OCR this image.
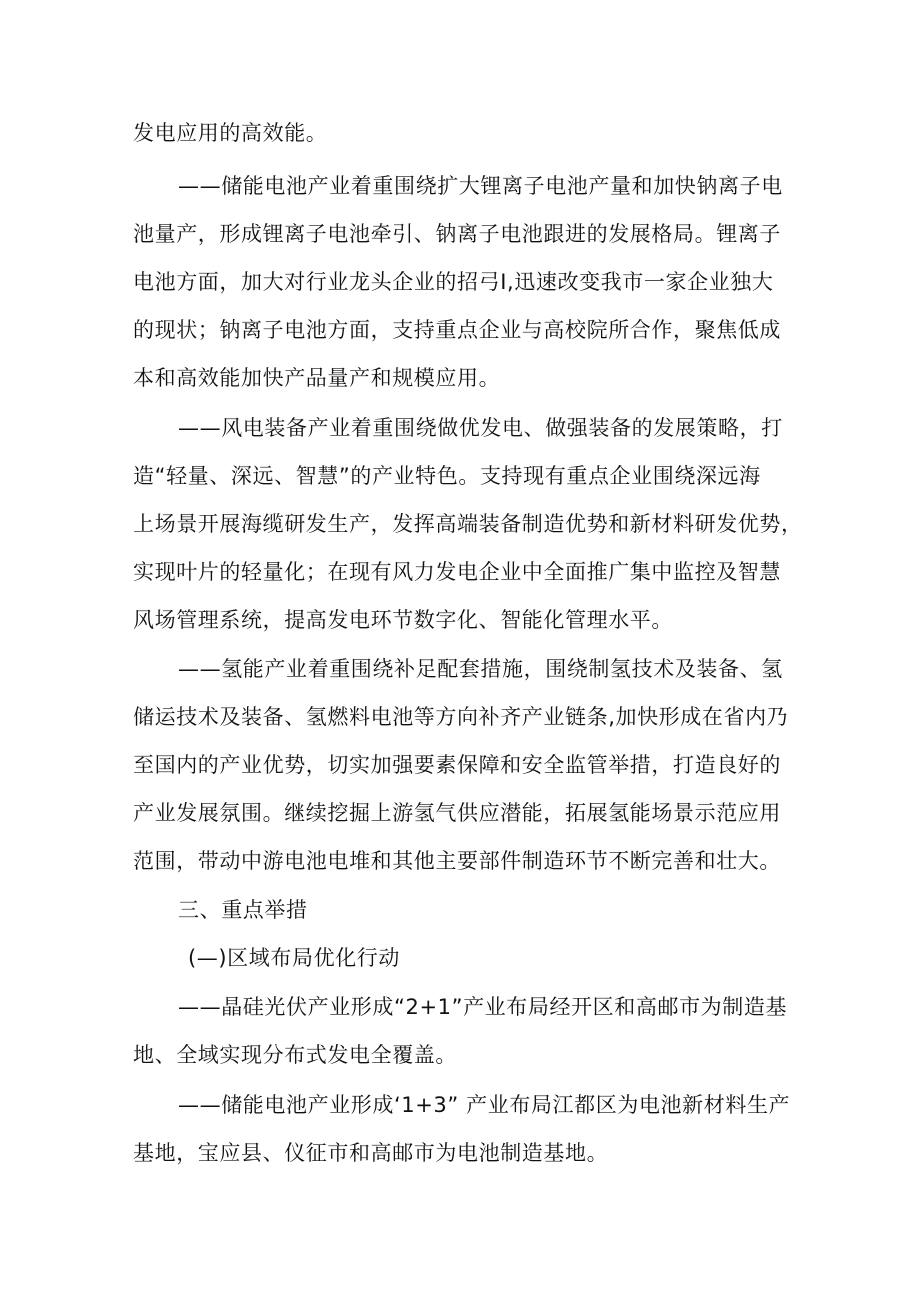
发电应用的高效能。
——储能电池产业着重围绕扩大锂离子电池产量和加快钠离子电
池量产，形成锂离子电池牵引、钠离子电池跟进的发展格局。锂离子
电池方面，加大对行业龙头企业的招弓I,迅速改变我市一家企业独大
的现状；钠离子电池方面，支持重点企业与高校院所合作，聚焦低成
本和高效能加快产品量产和规模应用。
——风电装备产业着重围绕做优发电、做强装备的发展策略，打
造“轻量、深远、智慧”的产业特色。支持现有重点企业围绕深远海
上场景开展海缆研发生产，发挥高端装备制造优势和新材料研发优势，
实现叶片的轻量化；在现有风力发电企业中全面推广集中监控及智慧
风场管理系统，提高发电环节数字化、智能化管理水平。
——氢能产业着重围绕补足配套措施，围绕制氢技术及装备、氢
储运技术及装备、氢燃料电池等方向补齐产业链条,加快形成在省内乃
至国内的产业优势，切实加强要素保障和安全监管举措，打造良好的
产业发展氛围。继续挖掘上游氢气供应潜能，拓展氢能场景示范应用
范围，带动中游电池电堆和其他主要部件制造环节不断完善和壮大。
三、重点举措
(—)区域布局优化行动
——晶硅光伏产业形成“2+1”产业布局经开区和高邮市为制造基
地、全域实现分布式发电全覆盖。
——储能电池产业形成‘1+3” 产业布局江都区为电池新材料生产
基地，宝应县、仪征市和高邮市为电池制造基地。
